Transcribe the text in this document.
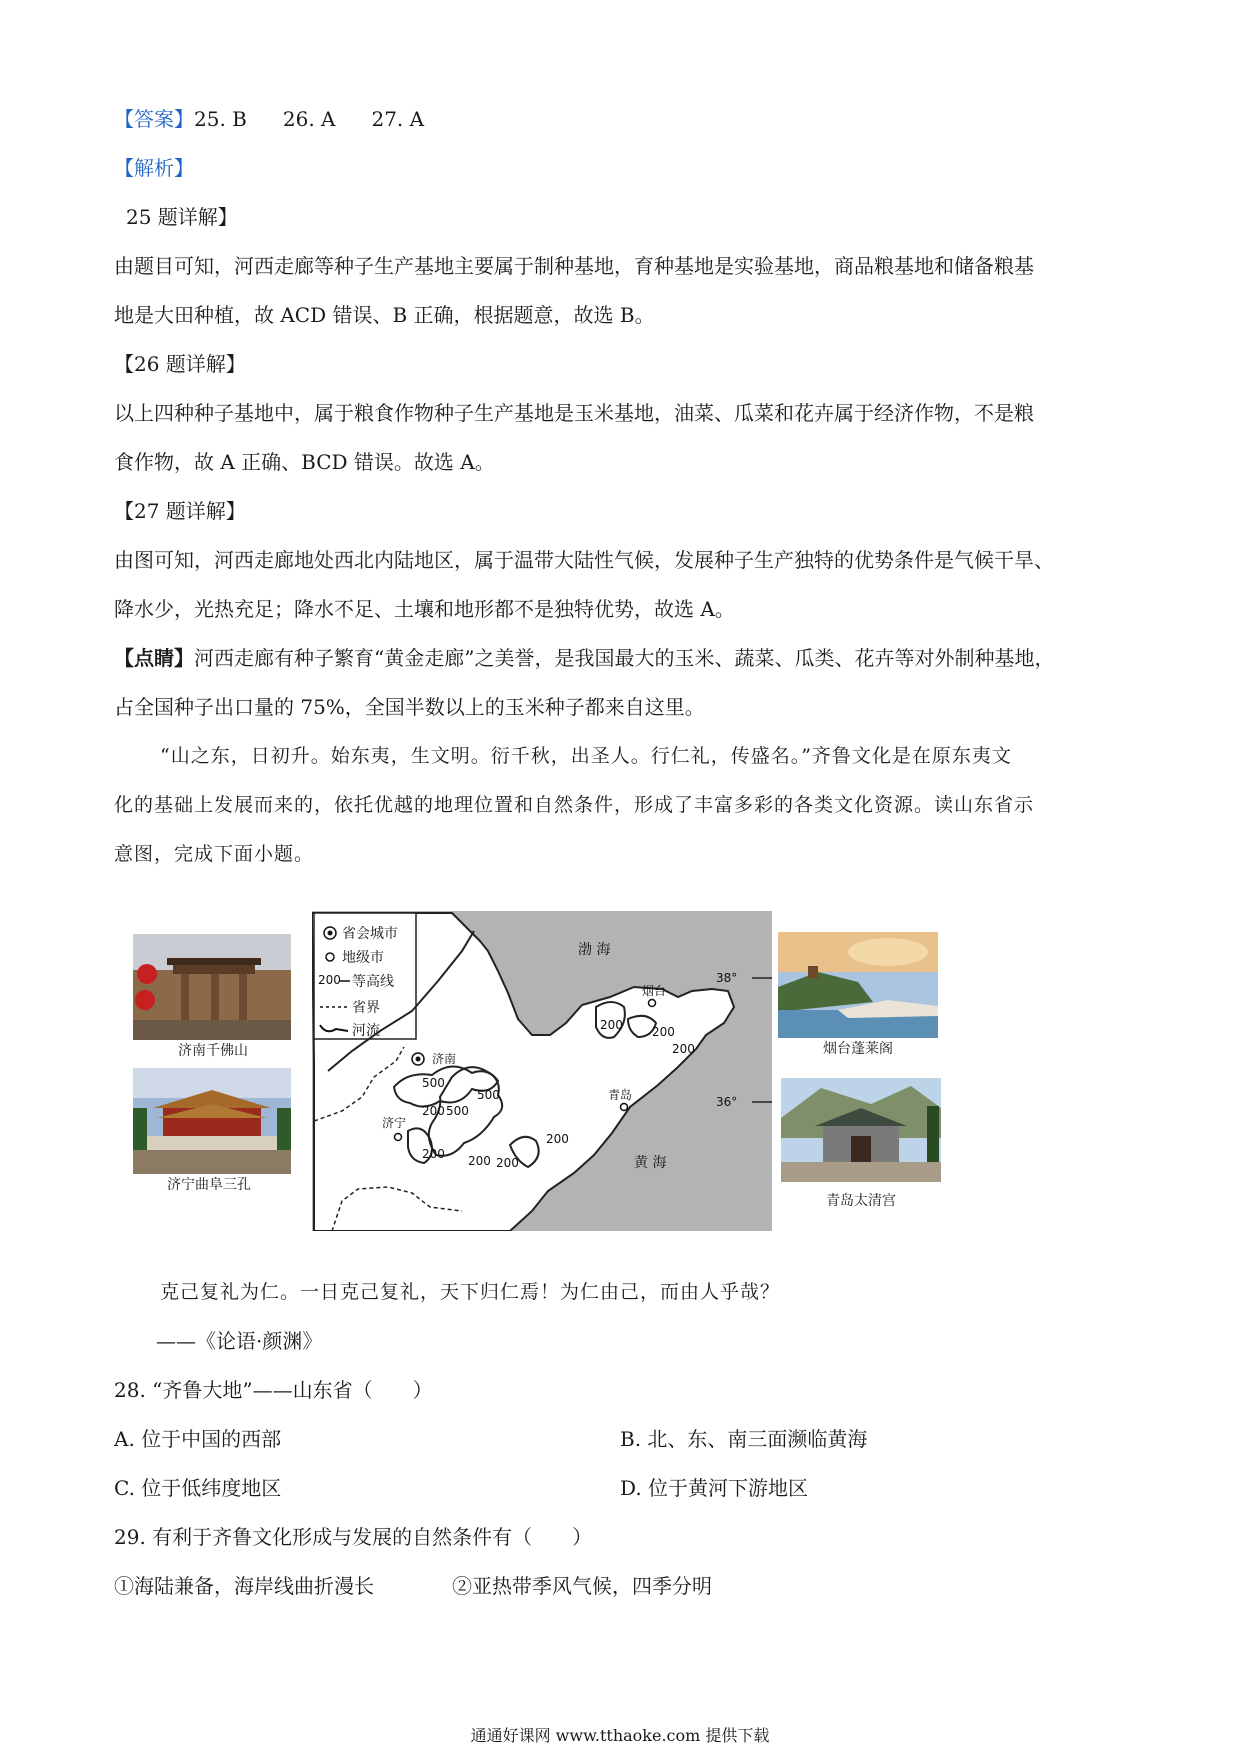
【答案】25. B 26. A 27. A
【解析】
25 题详解】
由题目可知，河西走廊等种子生产基地主要属于制种基地，育种基地是实验基地，商品粮基地和储备粮基
地是大田种植，故 ACD 错误、B 正确，根据题意，故选 B。
【26 题详解】
以上四种种子基地中，属于粮食作物种子生产基地是玉米基地，油菜、瓜菜和花卉属于经济作物，不是粮
食作物，故 A 正确、BCD 错误。故选 A。
【27 题详解】
由图可知，河西走廊地处西北内陆地区，属于温带大陆性气候，发展种子生产独特的优势条件是气候干旱、
降水少，光热充足；降水不足、土壤和地形都不是独特优势，故选 A。
【点睛】河西走廊有种子繁育“黄金走廊”之美誉，是我国最大的玉米、蔬菜、瓜类、花卉等对外制种基地，
占全国种子出口量的 75%，全国半数以上的玉米种子都来自这里。
“山之东，日初升。始东夷，生文明。衍千秋，出圣人。行仁礼，传盛名。”齐鲁文化是在原东夷文
化的基础上发展而来的，依托优越的地理位置和自然条件，形成了丰富多彩的各类文化资源。读山东省示
意图，完成下面小题。
济南千佛山
济宁曲阜三孔
烟台蓬莱阁
青岛太清宫
省会城市
地级市
200 等高线
省界
河流
38°
36°
渤 海
黄 海
济南
济宁
烟台
青岛
500
500
200 500
200 200 200
200
200 200
200
克己复礼为仁。一日克己复礼，天下归仁焉！为仁由己，而由人乎哉？
——《论语·颜渊》
28. “齐鲁大地”——山东省（　　）
A. 位于中国的西部	B. 北、东、南三面濒临黄海
C. 位于低纬度地区	D. 位于黄河下游地区
29. 有利于齐鲁文化形成与发展的自然条件有（　　）
①海陆兼备，海岸线曲折漫长	②亚热带季风气候，四季分明
通通好课网 www.tthaoke.com 提供下载
